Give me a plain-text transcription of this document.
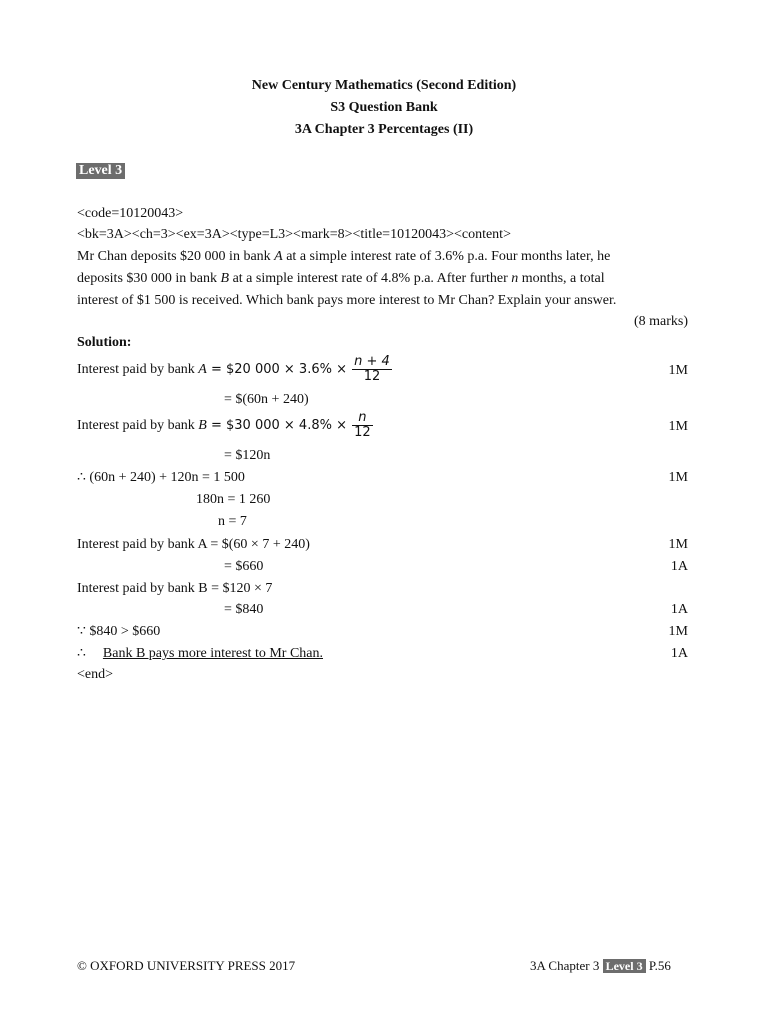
New Century Mathematics (Second Edition)
S3 Question Bank
3A Chapter 3 Percentages (II)
Level 3
<code=10120043>
<bk=3A><ch=3><ex=3A><type=L3><mark=8><title=10120043><content>
Mr Chan deposits $20 000 in bank A at a simple interest rate of 3.6% p.a. Four months later, he
deposits $30 000 in bank B at a simple interest rate of 4.8% p.a. After further n months, a total
interest of $1 500 is received. Which bank pays more interest to Mr Chan? Explain your answer.
(8 marks)
Solution:
Interest paid by bank A = $20 $000 \times 3.6\% \times \frac{n + 4}{12}$	1M
= $(60n + 240)
Interest paid by bank B = $30 $000 \times 4.8\% \times \frac{n}{12}$	1M
= $120n
∴ (60n + 240) + 120n = 1 500	1M
180n = 1 260
n = 7
Interest paid by bank A = $(60 × 7 + 240)	1M
= $660	1A
Interest paid by bank B = $120 × 7
= $840	1A
∵ $840 > $660	1M
∴ Bank B pays more interest to Mr Chan.	1A
<end>
© OXFORD UNIVERSITY PRESS 2017	3A Chapter 3 Level 3 P.56
